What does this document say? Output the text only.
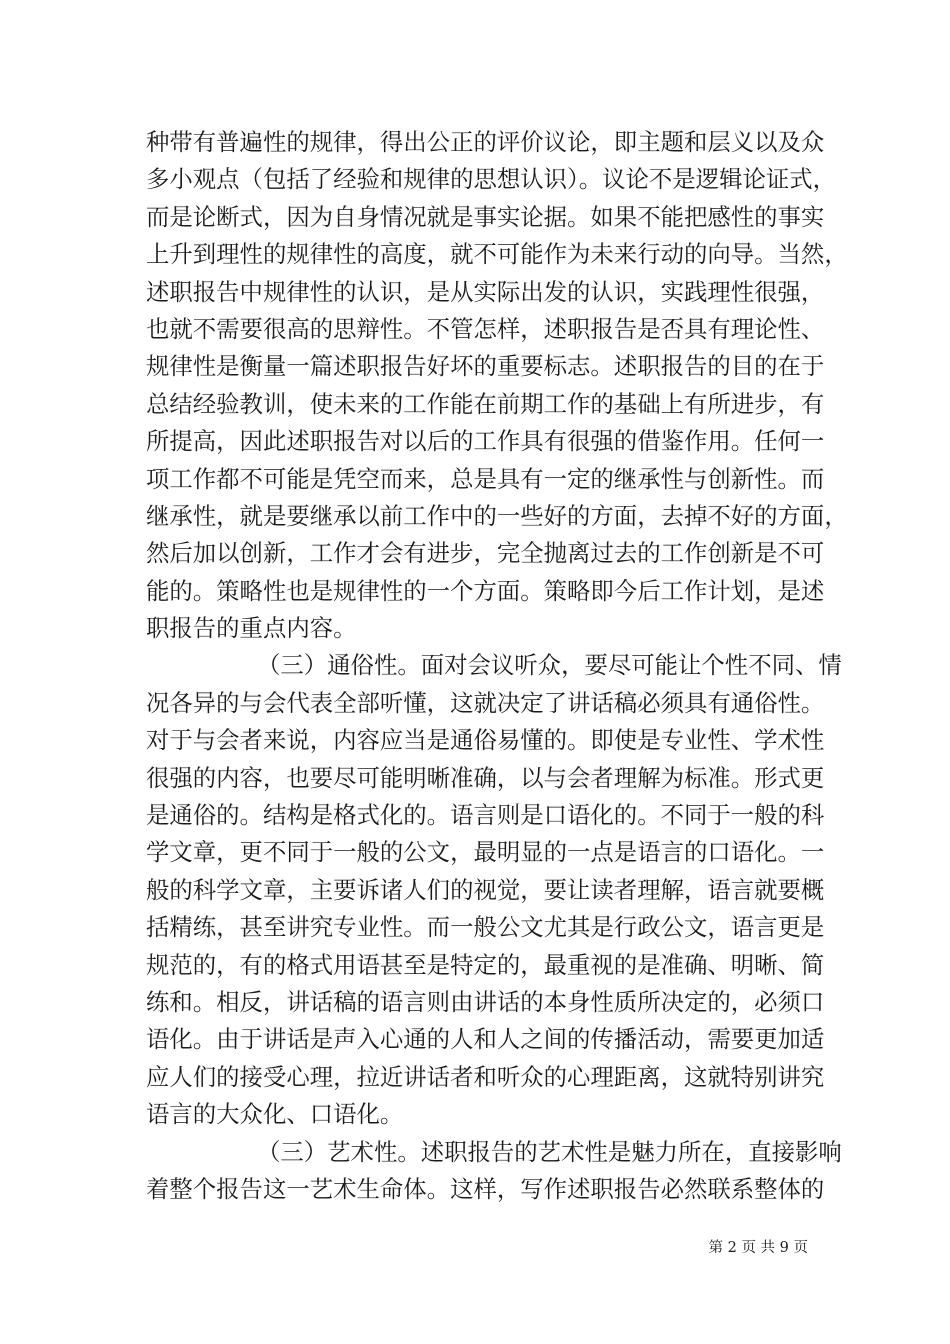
种带有普遍性的规律，得出公正的评价议论，即主题和层义以及众
多小观点（包括了经验和规律的思想认识）。议论不是逻辑论证式，
而是论断式，因为自身情况就是事实论据。如果不能把感性的事实
上升到理性的规律性的高度，就不可能作为未来行动的向导。当然，
述职报告中规律性的认识，是从实际出发的认识，实践理性很强，
也就不需要很高的思辩性。不管怎样，述职报告是否具有理论性、
规律性是衡量一篇述职报告好坏的重要标志。述职报告的目的在于
总结经验教训，使未来的工作能在前期工作的基础上有所进步，有
所提高，因此述职报告对以后的工作具有很强的借鉴作用。任何一
项工作都不可能是凭空而来，总是具有一定的继承性与创新性。而
继承性，就是要继承以前工作中的一些好的方面，去掉不好的方面，
然后加以创新，工作才会有进步，完全抛离过去的工作创新是不可
能的。策略性也是规律性的一个方面。策略即今后工作计划，是述
职报告的重点内容。
（三）通俗性。面对会议听众，要尽可能让个性不同、情
况各异的与会代表全部听懂，这就决定了讲话稿必须具有通俗性。
对于与会者来说，内容应当是通俗易懂的。即使是专业性、学术性
很强的内容，也要尽可能明晰准确，以与会者理解为标准。形式更
是通俗的。结构是格式化的。语言则是口语化的。不同于一般的科
学文章，更不同于一般的公文，最明显的一点是语言的口语化。一
般的科学文章，主要诉诸人们的视觉，要让读者理解，语言就要概
括精练，甚至讲究专业性。而一般公文尤其是行政公文，语言更是
规范的，有的格式用语甚至是特定的，最重视的是准确、明晰、简
练和。相反，讲话稿的语言则由讲话的本身性质所决定的，必须口
语化。由于讲话是声入心通的人和人之间的传播活动，需要更加适
应人们的接受心理，拉近讲话者和听众的心理距离，这就特别讲究
语言的大众化、口语化。
（三）艺术性。述职报告的艺术性是魅力所在，直接影响
着整个报告这一艺术生命体。这样，写作述职报告必然联系整体的
第 2 页 共 9 页
